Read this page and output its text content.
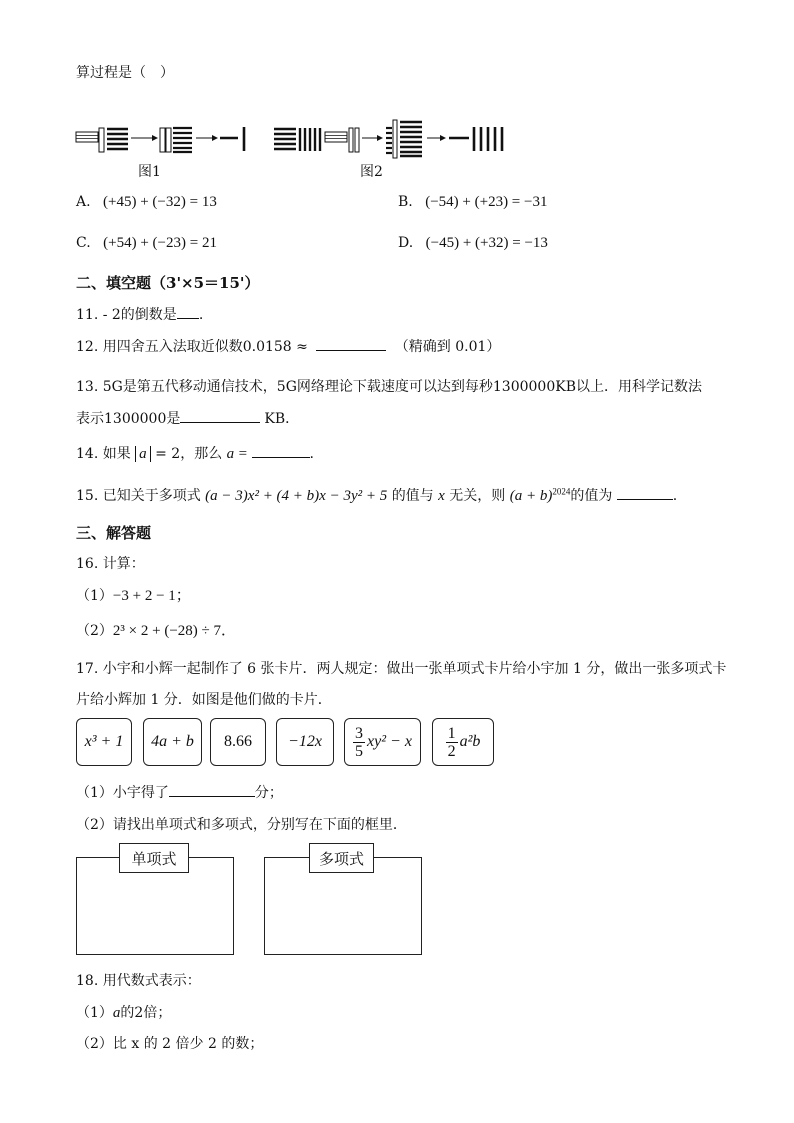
算过程是（　）
图1	图2
A. (+45) + (−32) = 13	B. (−54) + (+23) = −31
C. (+54) + (−23) = 21	D. (−45) + (+32) = −13
二、填空题（3'×5＝15'）
11. - 2的倒数是 .
12. 用四舍五入法取近似数0.0158 ≈	（精确到 0.01）
13. 5G是第五代移动通信技术，5G网络理论下载速度可以达到每秒1300000KB以上．用科学记数法
表示1300000是	KB．
14. 如果 a = 2，那么 a =	.
15. 已知关于多项式 (a − 3)x² + (4 + b)x − 3y² + 5 的值与 x 无关，则 $(a + b)^{2024}$的值为	.
三、解答题
16. 计算：
（1）−3 + 2 − 1；
（2）2³ × 2 + (−28) ÷ 7．
17. 小宇和小辉一起制作了 6 张卡片．两人规定：做出一张单项式卡片给小宇加 1 分，做出一张多项式卡
片给小辉加 1 分．如图是他们做的卡片．
x³ + 1 4a + b $8.66 -12x \frac{3}{5} xy^2 - x \frac{1}{2} a^2b$
（1）小宇得了	分；
（2）请找出单项式和多项式，分别写在下面的框里．
单项式	多项式
18. 用代数式表示：
（1）a的2倍；
（2）比 x 的 2 倍少 2 的数；
